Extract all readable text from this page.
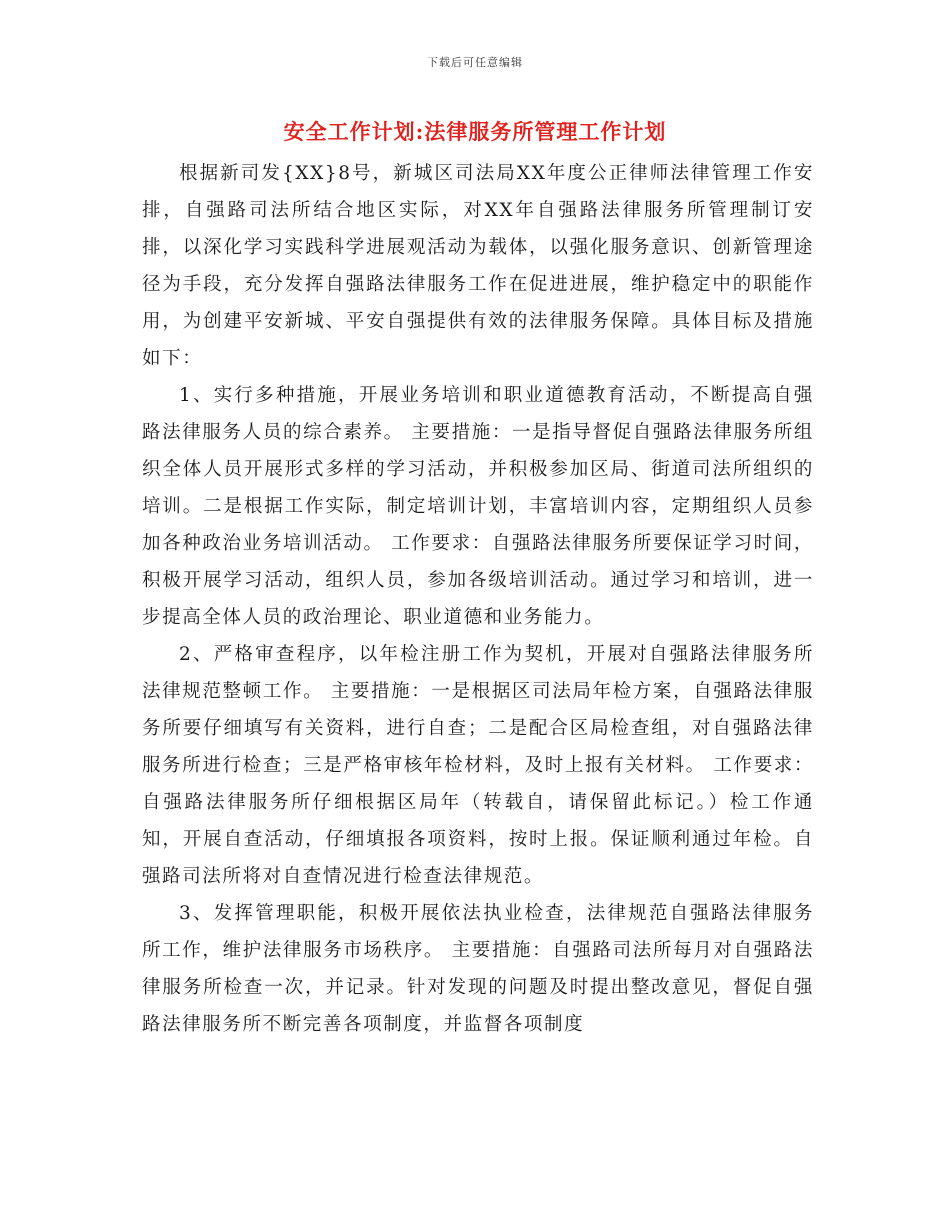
下载后可任意编辑
安全工作计划:法律服务所管理工作计划

根据新司发{XX}8号，新城区司法局XX年度公正律师法律管理工作安排，自强路司法所结合地区实际，对XX年自强路法律服务所管理制订安排，以深化学习实践科学进展观活动为载体，以强化服务意识、创新管理途径为手段，充分发挥自强路法律服务工作在促进进展，维护稳定中的职能作用，为创建平安新城、平安自强提供有效的法律服务保障。具体目标及措施如下：

1、实行多种措施，开展业务培训和职业道德教育活动，不断提高自强路法律服务人员的综合素养。 主要措施：一是指导督促自强路法律服务所组织全体人员开展形式多样的学习活动，并积极参加区局、街道司法所组织的培训。二是根据工作实际，制定培训计划，丰富培训内容，定期组织人员参加各种政治业务培训活动。 工作要求：自强路法律服务所要保证学习时间，积极开展学习活动，组织人员，参加各级培训活动。通过学习和培训，进一步提高全体人员的政治理论、职业道德和业务能力。

2、严格审查程序，以年检注册工作为契机，开展对自强路法律服务所法律规范整顿工作。 主要措施：一是根据区司法局年检方案，自强路法律服务所要仔细填写有关资料，进行自查；二是配合区局检查组，对自强路法律服务所进行检查；三是严格审核年检材料，及时上报有关材料。 工作要求：自强路法律服务所仔细根据区局年（转载自，请保留此标记。）检工作通知，开展自查活动，仔细填报各项资料，按时上报。保证顺利通过年检。自强路司法所将对自查情况进行检查法律规范。

3、发挥管理职能，积极开展依法执业检查，法律规范自强路法律服务所工作，维护法律服务市场秩序。 主要措施：自强路司法所每月对自强路法律服务所检查一次，并记录。针对发现的问题及时提出整改意见，督促自强路法律服务所不断完善各项制度，并监督各项制度
